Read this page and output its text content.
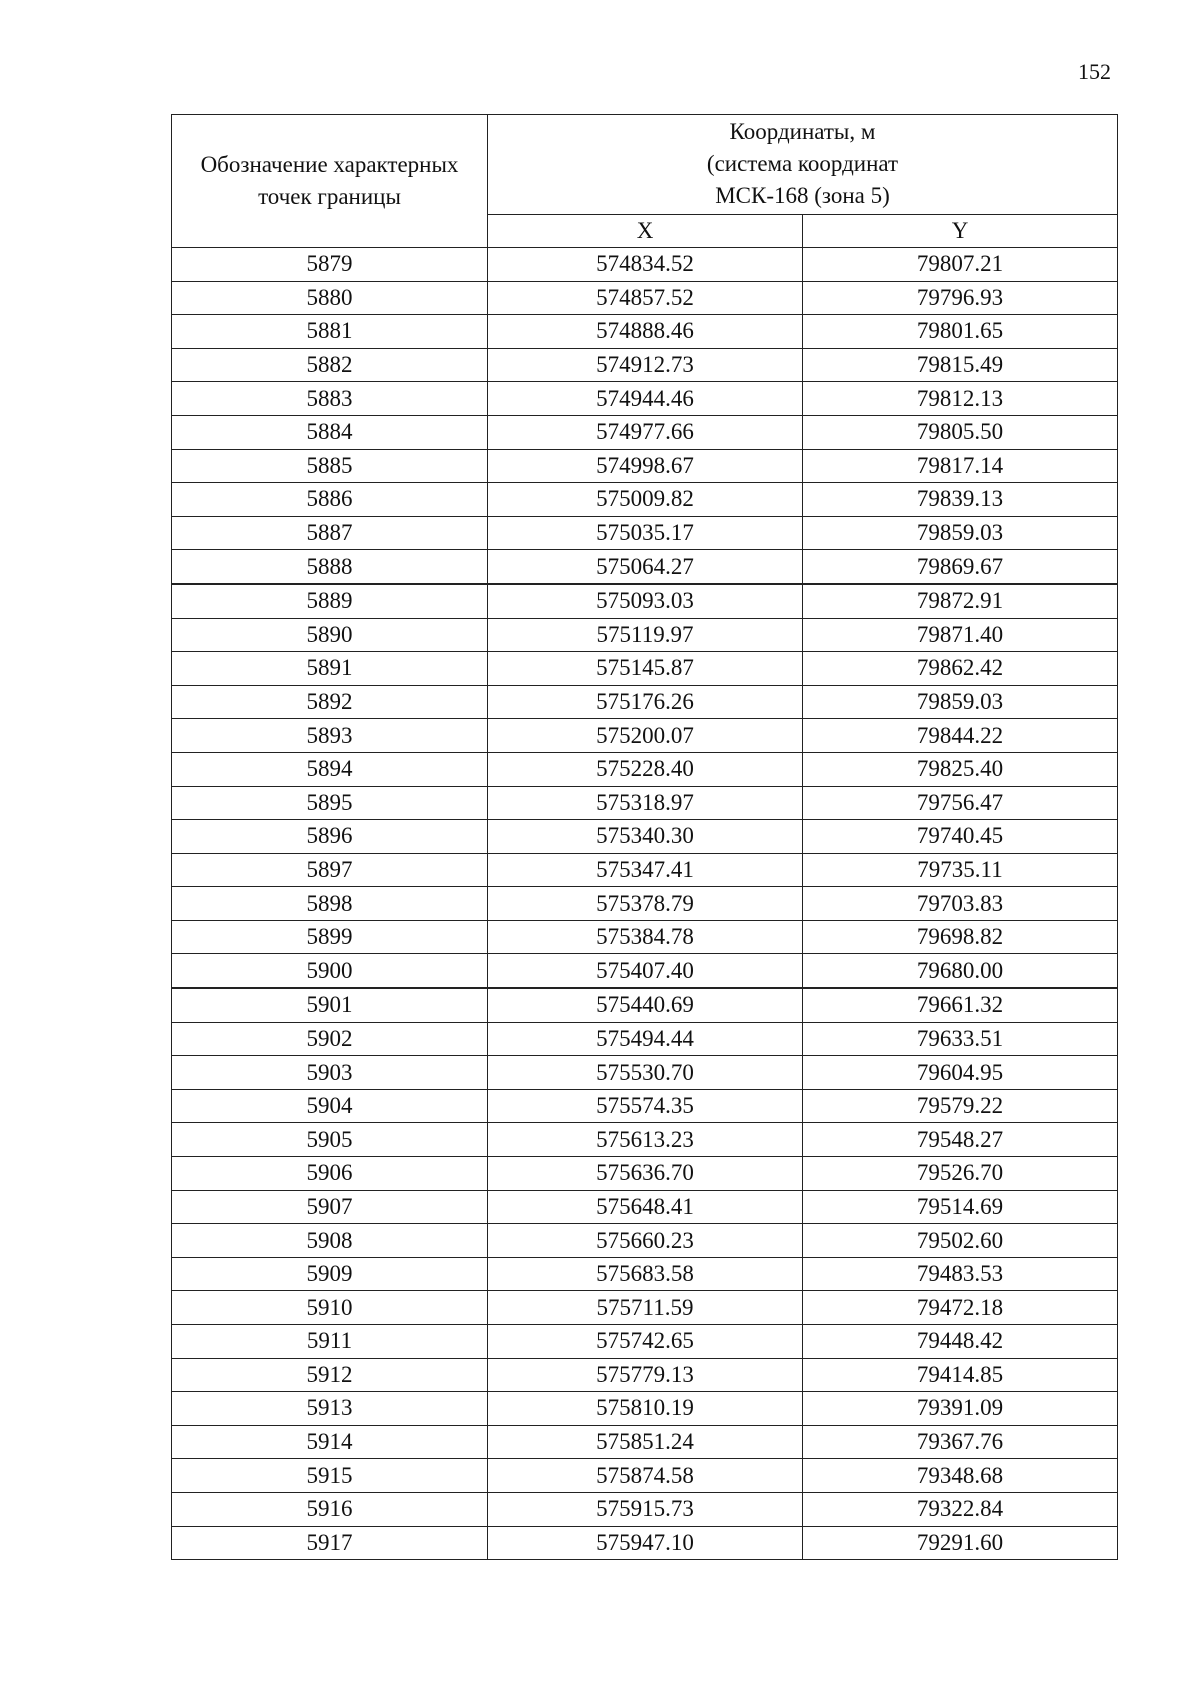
152
Обозначение характерных точек границы	Координаты, м
(система координат
МСК-168 (зона 5)	

	X	Y
5879	574834.52	79807.21
5880	574857.52	79796.93
5881	574888.46	79801.65
5882	574912.73	79815.49
5883	574944.46	79812.13
5884	574977.66	79805.50
5885	574998.67	79817.14
5886	575009.82	79839.13
5887	575035.17	79859.03
5888	575064.27	79869.67
5889	575093.03	79872.91
5890	575119.97	79871.40
5891	575145.87	79862.42
5892	575176.26	79859.03
5893	575200.07	79844.22
5894	575228.40	79825.40
5895	575318.97	79756.47
5896	575340.30	79740.45
5897	575347.41	79735.11
5898	575378.79	79703.83
5899	575384.78	79698.82
5900	575407.40	79680.00
5901	575440.69	79661.32
5902	575494.44	79633.51
5903	575530.70	79604.95
5904	575574.35	79579.22
5905	575613.23	79548.27
5906	575636.70	79526.70
5907	575648.41	79514.69
5908	575660.23	79502.60
5909	575683.58	79483.53
5910	575711.59	79472.18
5911	575742.65	79448.42
5912	575779.13	79414.85
5913	575810.19	79391.09
5914	575851.24	79367.76
5915	575874.58	79348.68
5916	575915.73	79322.84
5917	575947.10	79291.60
